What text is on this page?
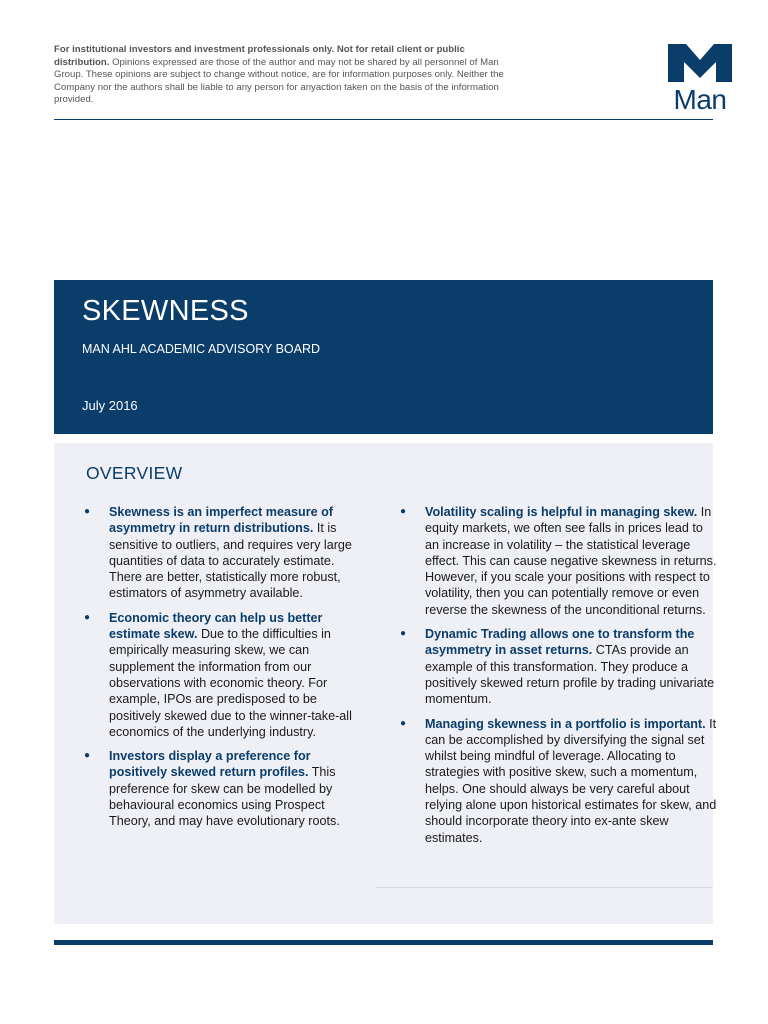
For institutional investors and investment professionals only. Not for retail client or public distribution. Opinions expressed are those of the author and may not be shared by all personnel of Man Group. These opinions are subject to change without notice, are for information purposes only. Neither the Company nor the authors shall be liable to any person for anyaction taken on the basis of the information provided.	Man
SKEWNESS
MAN AHL ACADEMIC ADVISORY BOARD
July 2016
OVERVIEW
● Skewness is an imperfect measure of asymmetry in return distributions. It is sensitive to outliers, and requires very large quantities of data to accurately estimate. There are better, statistically more robust, estimators of asymmetry available.
● Economic theory can help us better estimate skew. Due to the difficulties in empirically measuring skew, we can supplement the information from our observations with economic theory. For example, IPOs are predisposed to be positively skewed due to the winner-take-all economics of the underlying industry.
● Investors display a preference for positively skewed return profiles. This preference for skew can be modelled by behavioural economics using Prospect Theory, and may have evolutionary roots.
● Volatility scaling is helpful in managing skew. In equity markets, we often see falls in prices lead to an increase in volatility – the statistical leverage effect. This can cause negative skewness in returns. However, if you scale your positions with respect to volatility, then you can potentially remove or even reverse the skewness of the unconditional returns.
● Dynamic Trading allows one to transform the asymmetry in asset returns. CTAs provide an example of this transformation. They produce a positively skewed return profile by trading univariate momentum.
● Managing skewness in a portfolio is important. It can be accomplished by diversifying the signal set whilst being mindful of leverage. Allocating to strategies with positive skew, such a momentum, helps. One should always be very careful about relying alone upon historical estimates for skew, and should incorporate theory into ex-ante skew estimates.
